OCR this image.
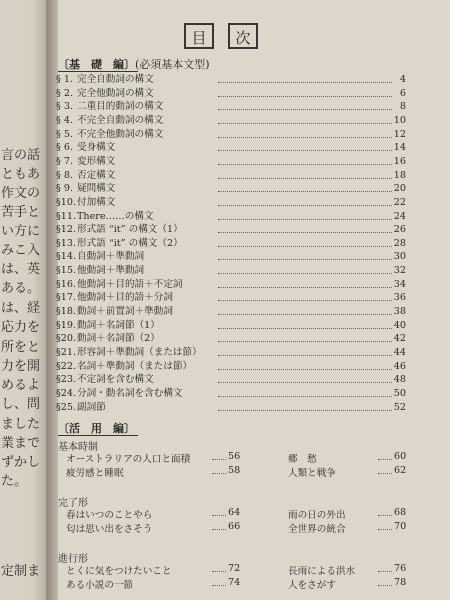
言の話
ともあ
作文の
苦手と
い方に
みこ入
は、英
ある。
は、経
応力を
所をと
力を開
めるよ
し、問
ました
業まで
ずかし
た。
定制ま
目	次
〔基　礎　編〕(必須基本文型)
§ 1. 完全自動詞の構文	4
§ 2. 完全他動詞の構文	6
§ 3. 二重目的動詞の構文	8
§ 4. 不完全自動詞の構文	10
§ 5. 不完全他動詞の構文	12
§ 6. 受身構文	14
§ 7. 変形構文	16
§ 8. 否定構文	18
§ 9. 疑問構文	20
§10. 付加構文	22
§11. There……の構文	24
§12. 形式語 “it” の構文（1）	26
§13. 形式語 “it” の構文（2）	28
§14. 自動詞＋準動詞	30
§15. 他動詞＋準動詞	32
§16. 他動詞＋目的語＋不定詞	34
§17. 他動詞＋目的語＋分詞	36
§18. 動詞＋前置詞＋準動詞	38
§19. 動詞＋名詞節（1）	40
§20. 動詞＋名詞節（2）	42
§21. 形容詞＋準動詞（または節）	44
§22. 名詞＋準動詞（または節）	46
§23. 不定詞を含む構文	48
§24. 分詞・動名詞を含む構文	50
§25. 副詞節	52
〔活　用　編〕
基本時制
オーストラリアの人口と面積	56
疲労感と睡眠	58
郷　愁	60
人類と戦争	62
完了形
春はいつのことやら	64
匂は思い出をさそう	66
雨の日の外出	68
全世界の統合	70
進行形
とくに気をつけたいこと	72
ある小説の一節	74
長雨による洪水	76
人をさがす	78
